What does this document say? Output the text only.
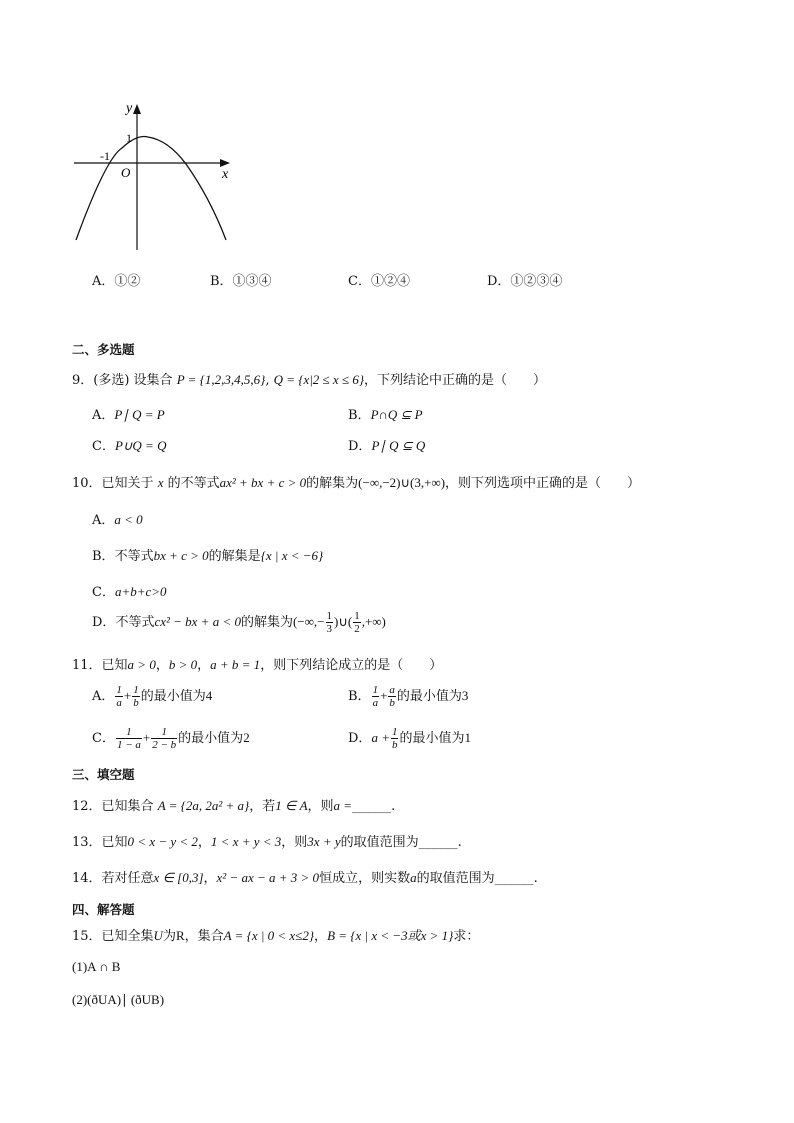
y
x
O
1
-1
A．①②	B．①③④	C．①②④	D．①②③④
二、多选题
9．(多选) 设集合 P = {1,2,3,4,5,6}, Q = {x|2 ≤ x ≤ 6}，下列结论中正确的是（　　）
A．P∣ Q = P	B．P∩Q ⊆ P
C．P∪Q = Q	D．P∣ Q ⊆ Q
10．已知关于 x 的不等式ax² + bx + c > 0的解集为(−∞,−2)∪(3,+∞)，则下列选项中正确的是（　　）
A．a < 0
B．不等式bx + c > 0的解集是{x | x < −6}
C．a+b+c>0
D．不等式cx² − bx + a < 0的解集为(−∞,− $\frac{1}{3}$ )∪( $\frac{1}{2}$ ,+∞)
11．已知a > 0，b > 0，a + b = 1，则下列结论成立的是（　　）
A． $\frac{1}{a} + \frac{1}{b}$ 的最小值为4	B． $\frac{1}{a} + \frac{a}{b}$ 的最小值为3
C． $\frac{1}{1 - a} + \frac{1}{2 - b}$ 的最小值为2	D．$a + \frac{1}{b}$ 的最小值为1
三、填空题
12．已知集合 A = {2a, 2a² + a}，若1 ∈ A，则a =______.
13．已知0 < x − y < 2，1 < x + y < 3，则3x + y的取值范围为______.
14．若对任意x ∈ [0,3]，x² − ax − a + 3 > 0恒成立，则实数a的取值范围为______.
四、解答题
15．已知全集U为R，集合A = {x | 0 < x≤2}，B = {x | x < −3或x > 1}求：
(1)A ∩ B
(2)(ðUA)∣ (ðUB)
